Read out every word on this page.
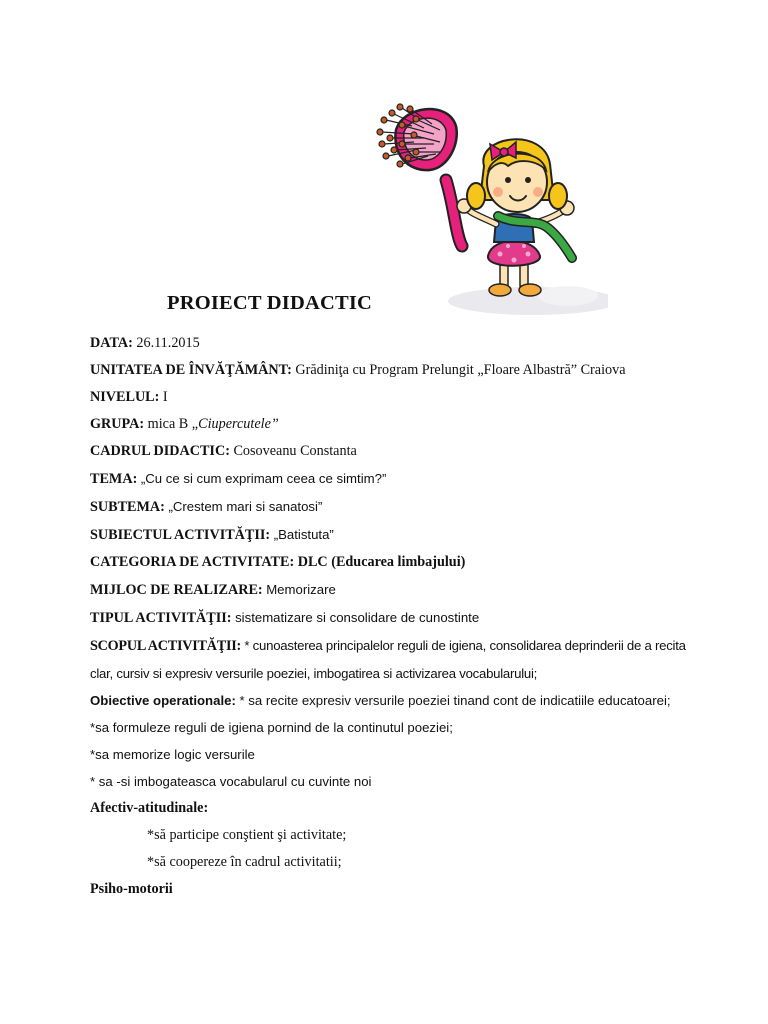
PROIECT DIDACTIC
DATA: 26.11.2015
UNITATEA DE ÎNVĂŢĂMÂNT: Grădiniţa cu Program Prelungit „Floare Albastră” Craiova
NIVELUL: I
GRUPA: mica B „Ciupercutele”
CADRUL DIDACTIC: Cosoveanu Constanta
TEMA: „Cu ce si cum exprimam ceea ce simtim?”
SUBTEMA: „Crestem mari si sanatosi”
SUBIECTUL ACTIVITĂŢII: „Batistuta”
CATEGORIA DE ACTIVITATE: DLC (Educarea limbajului)
MIJLOC DE REALIZARE: Memorizare
TIPUL ACTIVITĂŢII: sistematizare si consolidare de cunostinte
SCOPUL ACTIVITĂŢII: * cunoasterea principalelor reguli de igiena, consolidarea deprinderii de a recita clar, cursiv si expresiv versurile poeziei, imbogatirea si activizarea vocabularului;
Obiective operationale: * sa recite expresiv versurile poeziei tinand cont de indicatiile educatoarei;
*sa formuleze reguli de igiena pornind de la continutul poeziei;
*sa memorize logic versurile
* sa -si imbogateasca vocabularul cu cuvinte noi
Afectiv-atitudinale:
*să participe conştient şi activitate;
*să coopereze în cadrul activitatii;
Psiho-motorii
